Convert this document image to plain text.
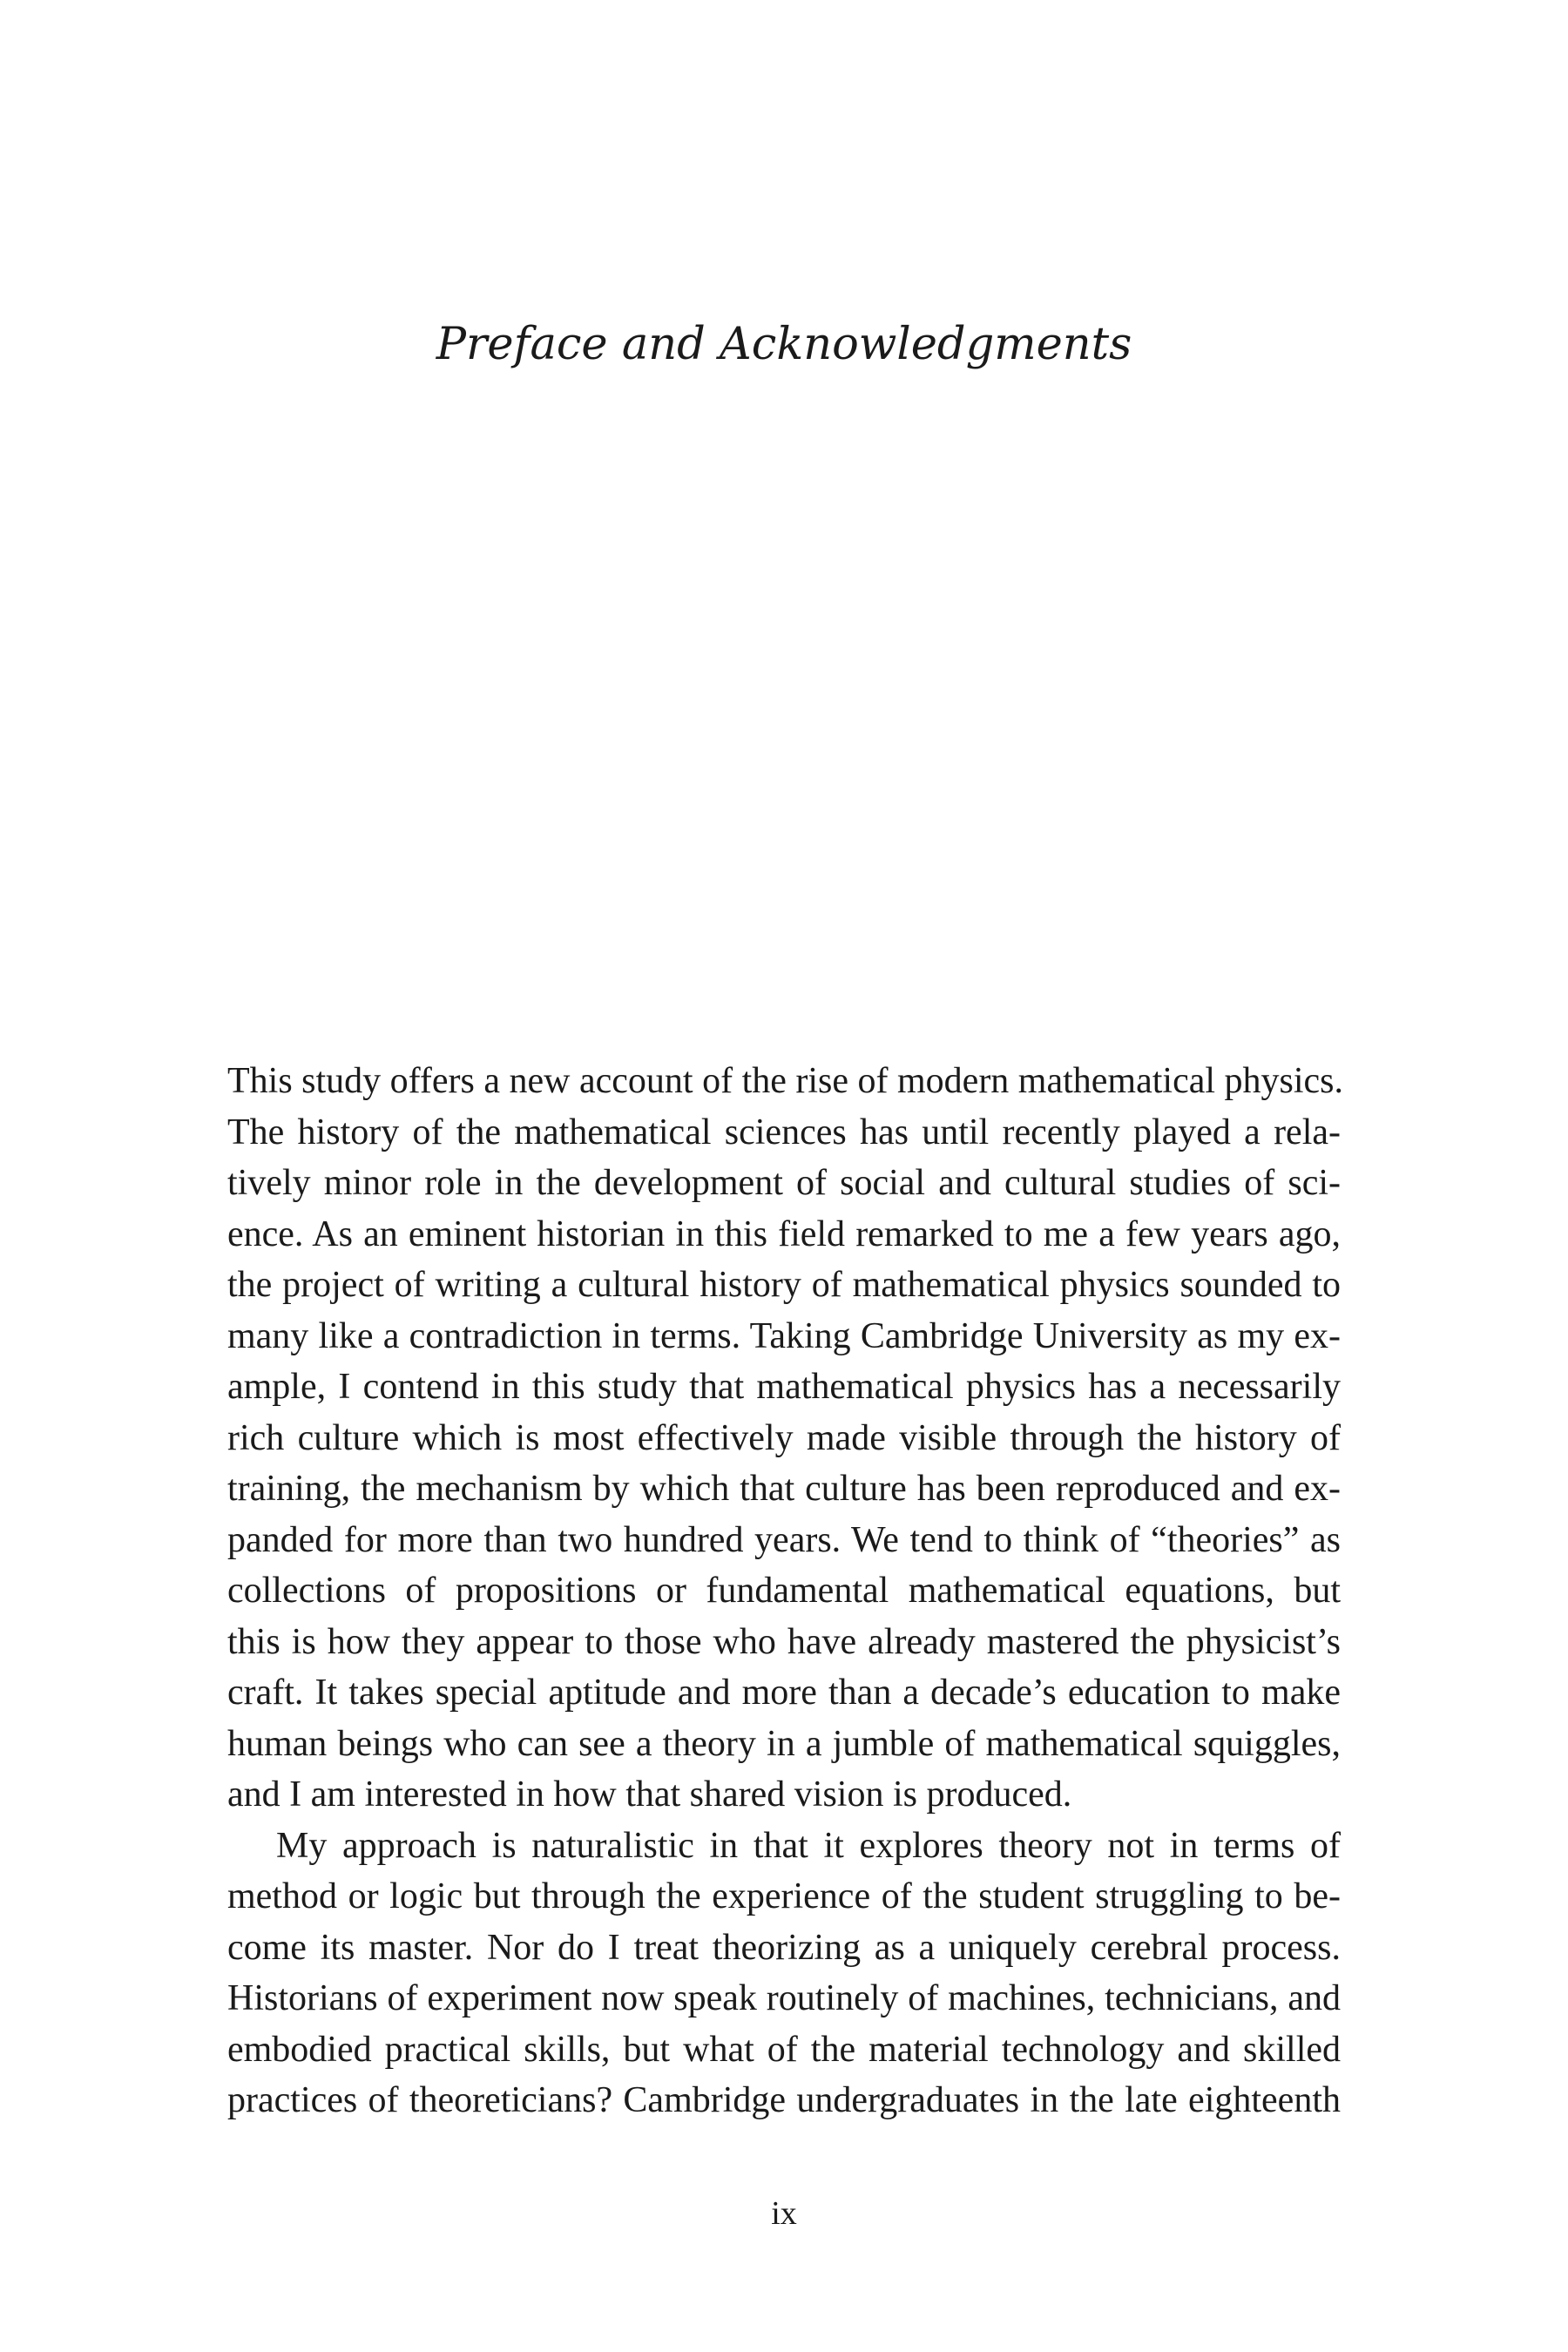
Preface and Acknowledgments
This study offers a new account of the rise of modern mathematical physics.
The history of the mathematical sciences has until recently played a rela-
tively minor role in the development of social and cultural studies of sci-
ence. As an eminent historian in this field remarked to me a few years ago,
the project of writing a cultural history of mathematical physics sounded to
many like a contradiction in terms. Taking Cambridge University as my ex-
ample, I contend in this study that mathematical physics has a necessarily
rich culture which is most effectively made visible through the history of
training, the mechanism by which that culture has been reproduced and ex-
panded for more than two hundred years. We tend to think of “theories” as
collections of propositions or fundamental mathematical equations, but
this is how they appear to those who have already mastered the physicist’s
craft. It takes special aptitude and more than a decade’s education to make
human beings who can see a theory in a jumble of mathematical squiggles,
and I am interested in how that shared vision is produced.
My approach is naturalistic in that it explores theory not in terms of
method or logic but through the experience of the student struggling to be-
come its master. Nor do I treat theorizing as a uniquely cerebral process.
Historians of experiment now speak routinely of machines, technicians, and
embodied practical skills, but what of the material technology and skilled
practices of theoreticians? Cambridge undergraduates in the late eighteenth
ix
